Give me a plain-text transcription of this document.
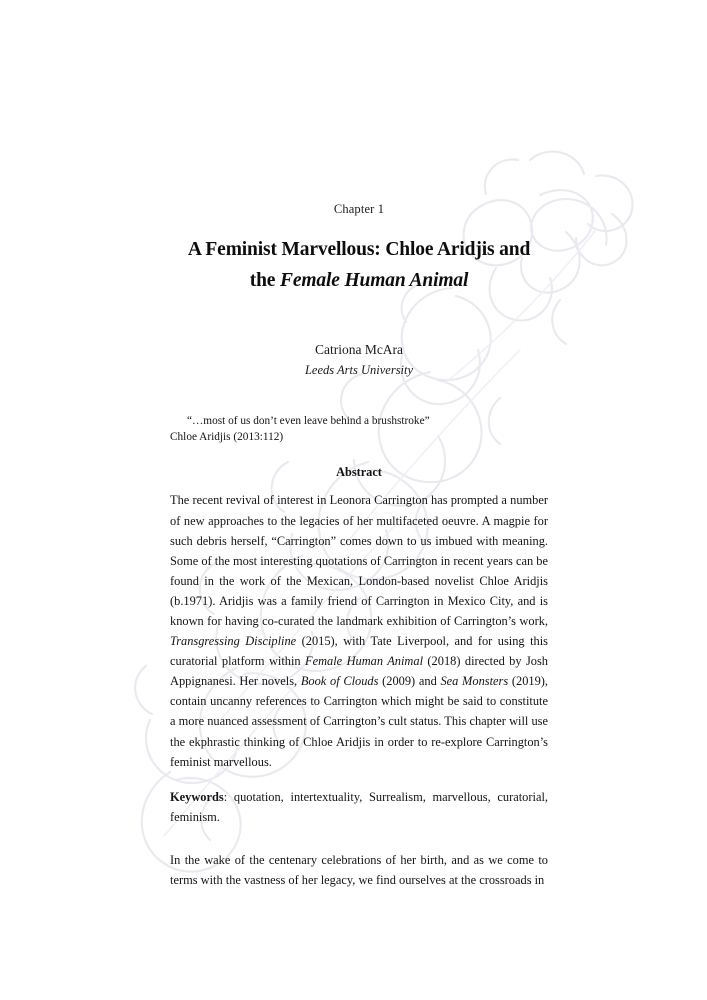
Chapter 1

A Feminist Marvellous: Chloe Aridjis and
the Female Human Animal

Catriona McAra

Leeds Arts University

“…most of us don’t even leave behind a brushstroke”

Chloe Aridjis (2013:112)

Abstract

The recent revival of interest in Leonora Carrington has prompted a number of new approaches to the legacies of her multifaceted oeuvre. A magpie for such debris herself, “Carrington” comes down to us imbued with meaning. Some of the most interesting quotations of Carrington in recent years can be found in the work of the Mexican, London-based novelist Chloe Aridjis (b.1971). Aridjis was a family friend of Carrington in Mexico City, and is known for having co-curated the landmark exhibition of Carrington’s work, Transgressing Discipline (2015), with Tate Liverpool, and for using this curatorial platform within Female Human Animal (2018) directed by Josh Appignanesi. Her novels, Book of Clouds (2009) and Sea Monsters (2019), contain uncanny references to Carrington which might be said to constitute a more nuanced assessment of Carrington’s cult status. This chapter will use the ekphrastic thinking of Chloe Aridjis in order to re-explore Carrington’s feminist marvellous.

Keywords: quotation, intertextuality, Surrealism, marvellous, curatorial, feminism.

In the wake of the centenary celebrations of her birth, and as we come to terms with the vastness of her legacy, we find ourselves at the crossroads in
